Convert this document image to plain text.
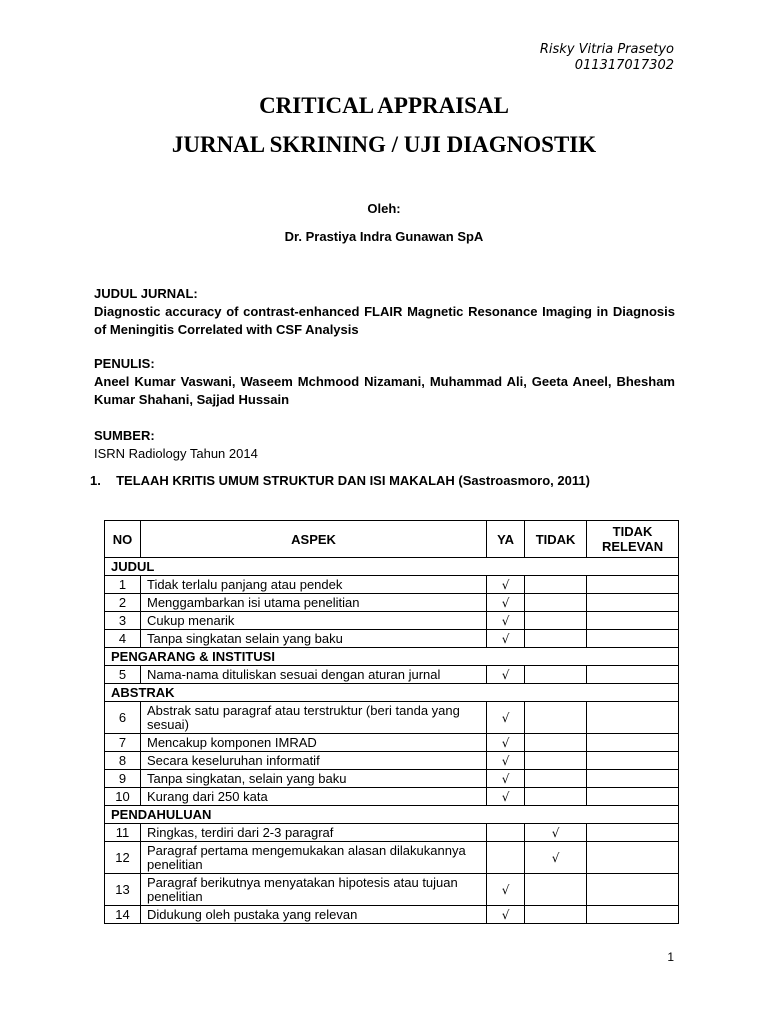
Risky Vitria Prasetyo
011317017302
CRITICAL APPRAISAL
JURNAL SKRINING / UJI DIAGNOSTIK
Oleh:
Dr. Prastiya Indra Gunawan SpA
JUDUL JURNAL:
Diagnostic accuracy of contrast-enhanced FLAIR Magnetic Resonance Imaging in Diagnosis of Meningitis Correlated with CSF Analysis
PENULIS:
Aneel Kumar Vaswani, Waseem Mchmood Nizamani, Muhammad Ali, Geeta Aneel, Bhesham Kumar Shahani, Sajjad Hussain
SUMBER:
ISRN Radiology Tahun 2014
1. TELAAH KRITIS UMUM STRUKTUR DAN ISI MAKALAH (Sastroasmoro, 2011)
NO	ASPEK	YA	TIDAK	TIDAK RELEVAN
JUDUL				
1	Tidak terlalu panjang atau pendek	√		
2	Menggambarkan isi utama penelitian	√		
3	Cukup menarik	√		
4	Tanpa singkatan selain yang baku	√		
PENGARANG & INSTITUSI				
5	Nama-nama dituliskan sesuai dengan aturan jurnal	√		
ABSTRAK				
6	Abstrak satu paragraf atau terstruktur (beri tanda yang sesuai)	√		
7	Mencakup komponen IMRAD	√		
8	Secara keseluruhan informatif	√		
9	Tanpa singkatan, selain yang baku	√		
10	Kurang dari 250 kata	√		
PENDAHULUAN				
11	Ringkas, terdiri dari 2-3 paragraf		√	
12	Paragraf pertama mengemukakan alasan dilakukannya penelitian		√	
13	Paragraf berikutnya menyatakan hipotesis atau tujuan penelitian	√		
14	Didukung oleh pustaka yang relevan	√		
1
